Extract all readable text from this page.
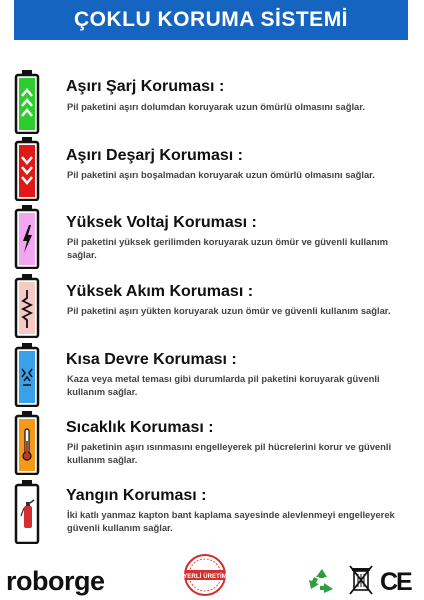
ÇOKLU KORUMA SİSTEMİ
Aşırı Şarj Koruması :
Pil paketini aşırı dolumdan koruyarak uzun ömürlü olmasını sağlar.
Aşırı Deşarj Koruması :
Pil paketini aşırı boşalmadan koruyarak uzun ömürlü olmasını sağlar.
Yüksek Voltaj Koruması :
Pil paketini yüksek gerilimden koruyarak uzun ömür ve güvenli kullanım sağlar.
Yüksek Akım Koruması :
Pil paketini aşırı yükten koruyarak uzun ömür ve güvenli kullanım sağlar.
Kısa Devre Koruması :
Kaza veya metal teması gibi durumlarda pil paketini koruyarak güvenli kullanım sağlar.
Sıcaklık Koruması :
Pil paketinin aşırı ısınmasını engelleyerek pil hücrelerini korur ve güvenli kullanım sağlar.
Yangın Koruması :
İki katlı yanmaz kapton bant kaplama sayesinde alevlenmeyi engelleyerek güvenli kullanım sağlar.
roborge	YERLİ ÜRETİM	CE
